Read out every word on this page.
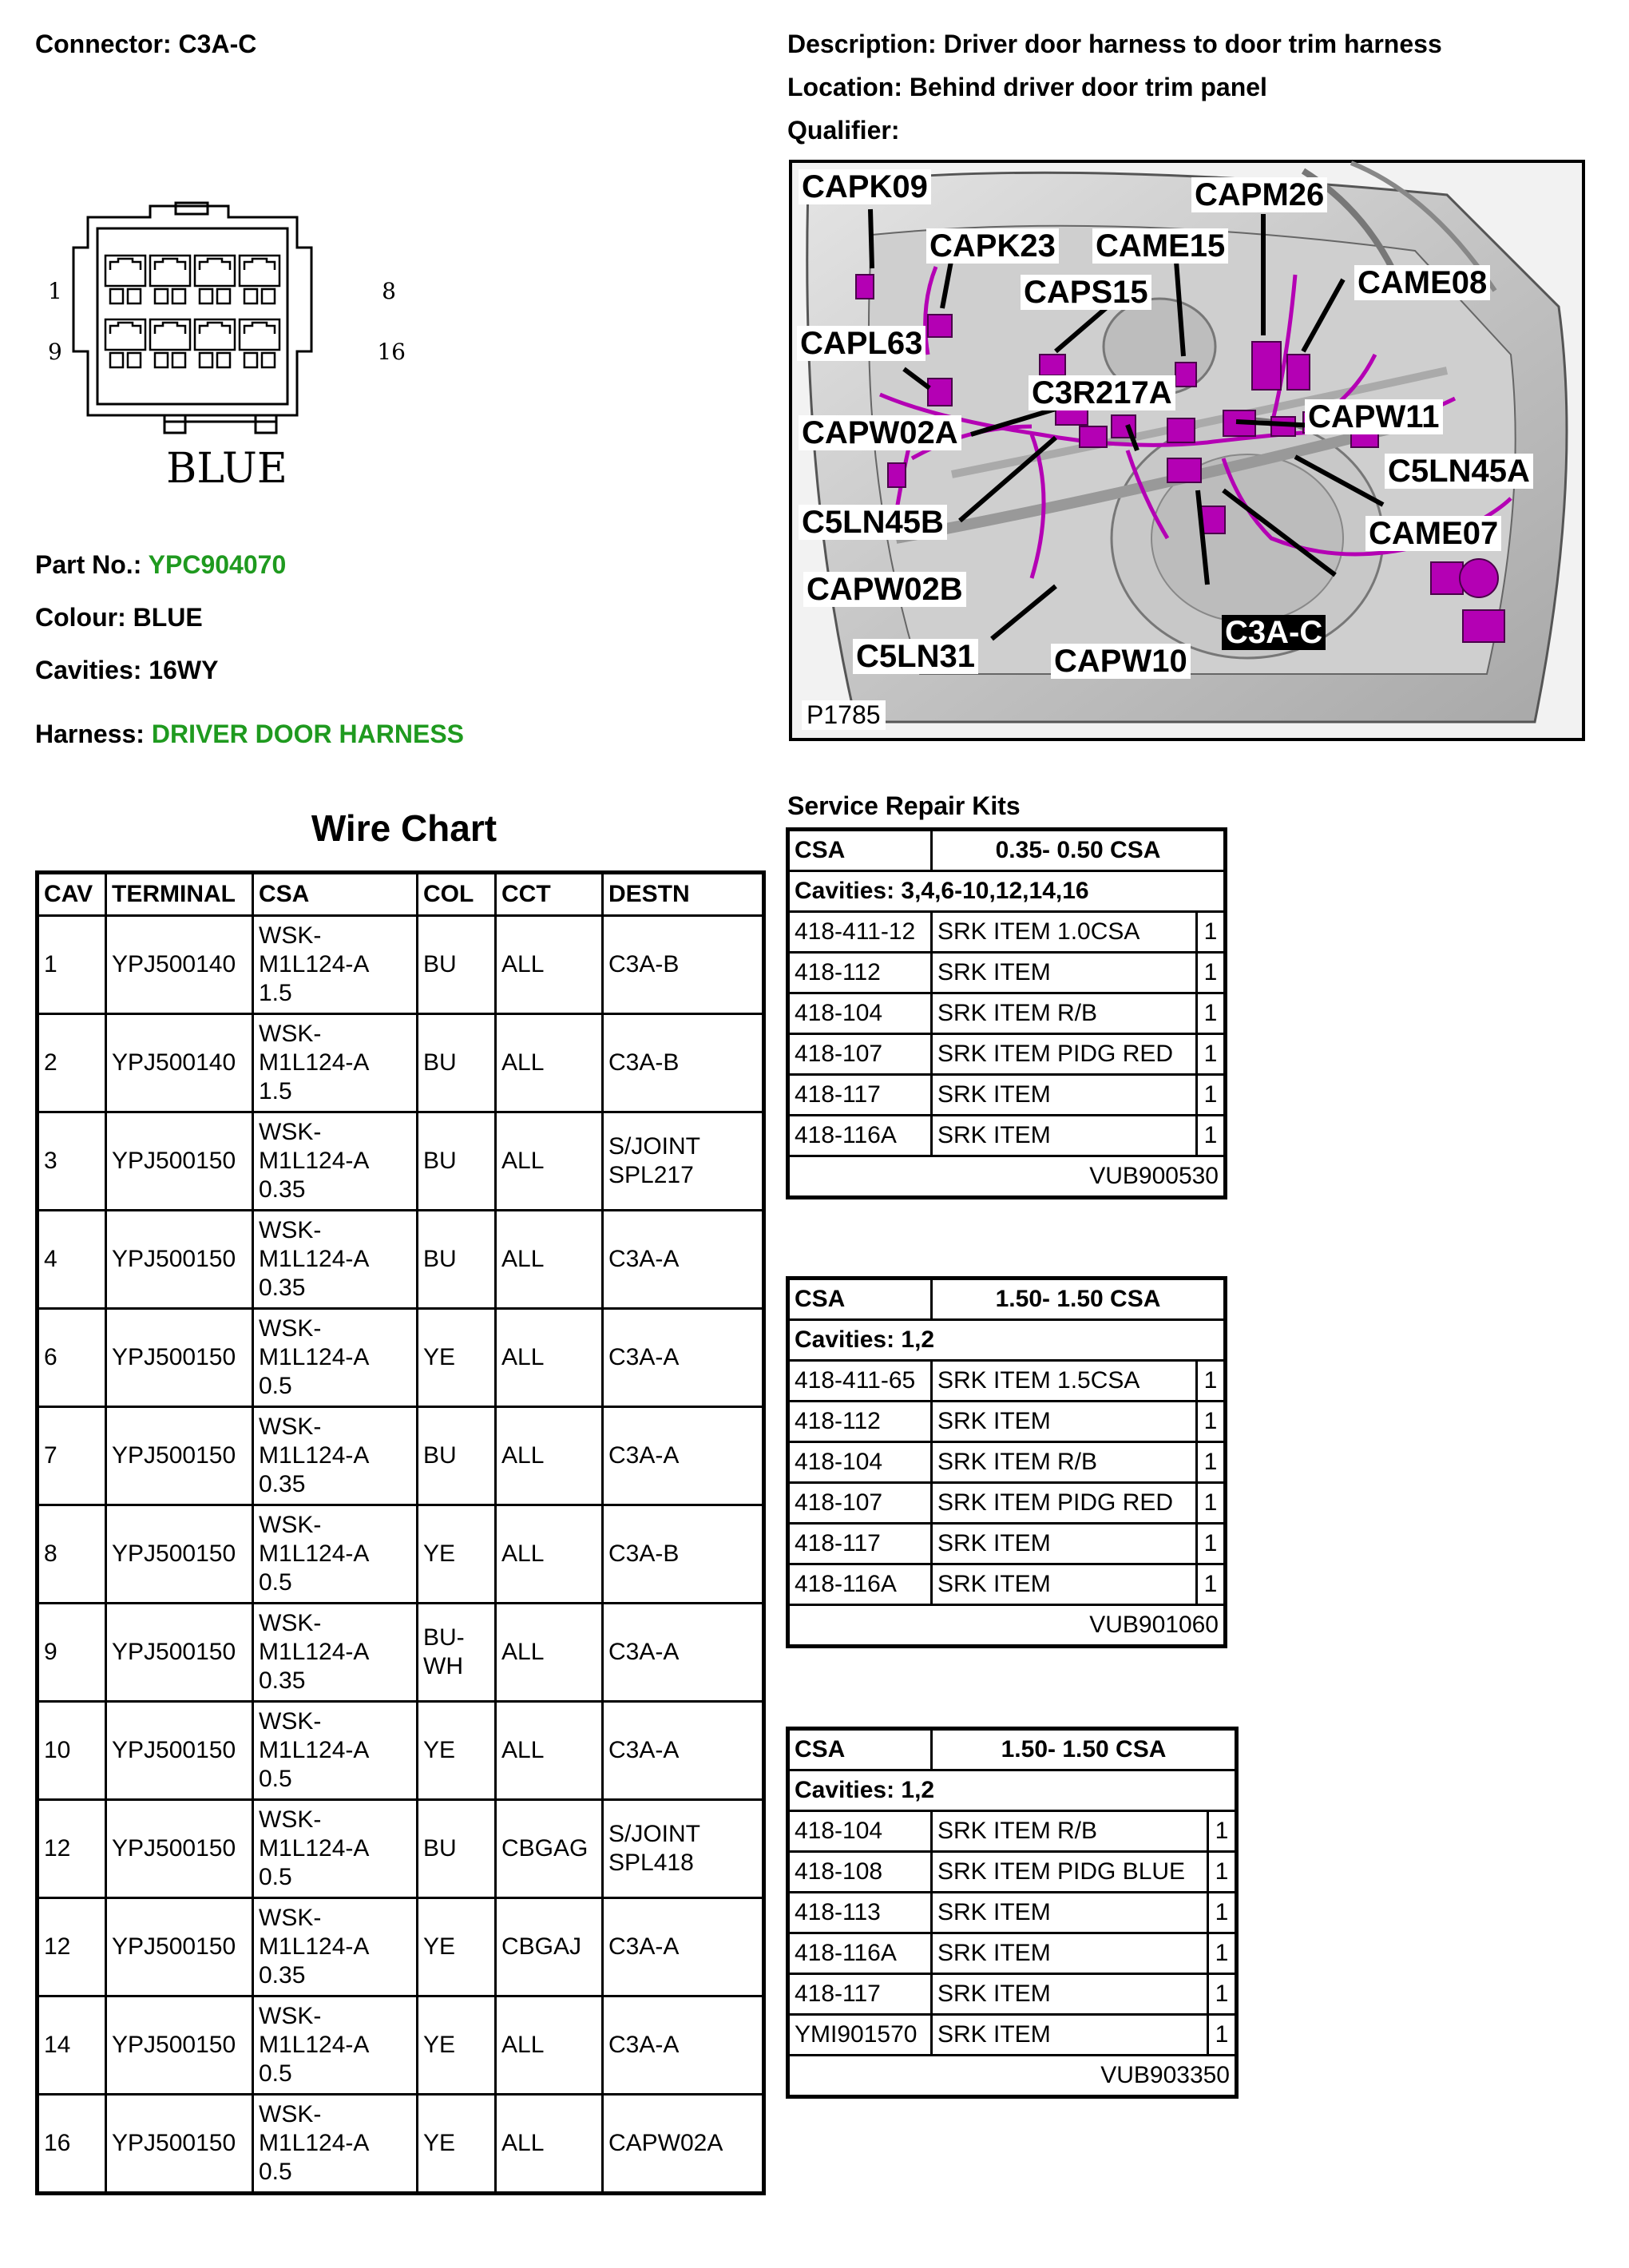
Connector: C3A-C	Description: Driver door harness to door trim harness
Location: Behind driver door trim panel
Qualifier:
1	8
9	16
BLUE
Part No.: YPC904070
Colour: BLUE
Cavities: 16WY
Harness: DRIVER DOOR HARNESS
CAPK09	CAPM26
CAPK23 CAME15
CAME08
CAPS15
CAPL63
C3R217A
CAPW11
CAPW02A
C5LN45A
C5LN45B	CAME07
CAPW02B
C3A-C
C5LN31 CAPW10
P1785
Wire Chart
CAV	TERMINAL	CSA	COL	CCT	DESTN
1	YPJ500140	WSK-
M1L124-A
1.5	BU	ALL	C3A-B
2	YPJ500140	WSK-
M1L124-A
1.5	BU	ALL	C3A-B
3	YPJ500150	WSK-
M1L124-A
0.35	BU	ALL	S/JOINT
SPL217
4	YPJ500150	WSK-
M1L124-A
0.35	BU	ALL	C3A-A
6	YPJ500150	WSK-
M1L124-A
0.5	YE	ALL	C3A-A
7	YPJ500150	WSK-
M1L124-A
0.35	BU	ALL	C3A-A
8	YPJ500150	WSK-
M1L124-A
0.5	YE	ALL	C3A-B
9	YPJ500150	WSK-
M1L124-A
0.35	BU-
WH	ALL	C3A-A
10	YPJ500150	WSK-
M1L124-A
0.5	YE	ALL	C3A-A
12	YPJ500150	WSK-
M1L124-A
0.5	BU	CBGAG	S/JOINT
SPL418
12	YPJ500150	WSK-
M1L124-A
0.35	YE	CBGAJ	C3A-A
14	YPJ500150	WSK-
M1L124-A
0.5	YE	ALL	C3A-A
16	YPJ500150	WSK-
M1L124-A
0.5	YE	ALL	CAPW02A
Service Repair Kits
CSA	0.35- 0.50 CSA	
Cavities: 3,4,6-10,12,14,16		
418-411-12	SRK ITEM 1.0CSA	1
418-112	SRK ITEM	1
418-104	SRK ITEM R/B	1
418-107	SRK ITEM PIDG RED	1
418-117	SRK ITEM	1
418-116A	SRK ITEM	1
VUB900530		
CSA	1.50- 1.50 CSA	
Cavities: 1,2		
418-411-65	SRK ITEM 1.5CSA	1
418-112	SRK ITEM	1
418-104	SRK ITEM R/B	1
418-107	SRK ITEM PIDG RED	1
418-117	SRK ITEM	1
418-116A	SRK ITEM	1
VUB901060		
CSA	1.50- 1.50 CSA	
Cavities: 1,2		
418-104	SRK ITEM R/B	1
418-108	SRK ITEM PIDG BLUE	1
418-113	SRK ITEM	1
418-116A	SRK ITEM	1
418-117	SRK ITEM	1
YMI901570	SRK ITEM	1
VUB903350		
